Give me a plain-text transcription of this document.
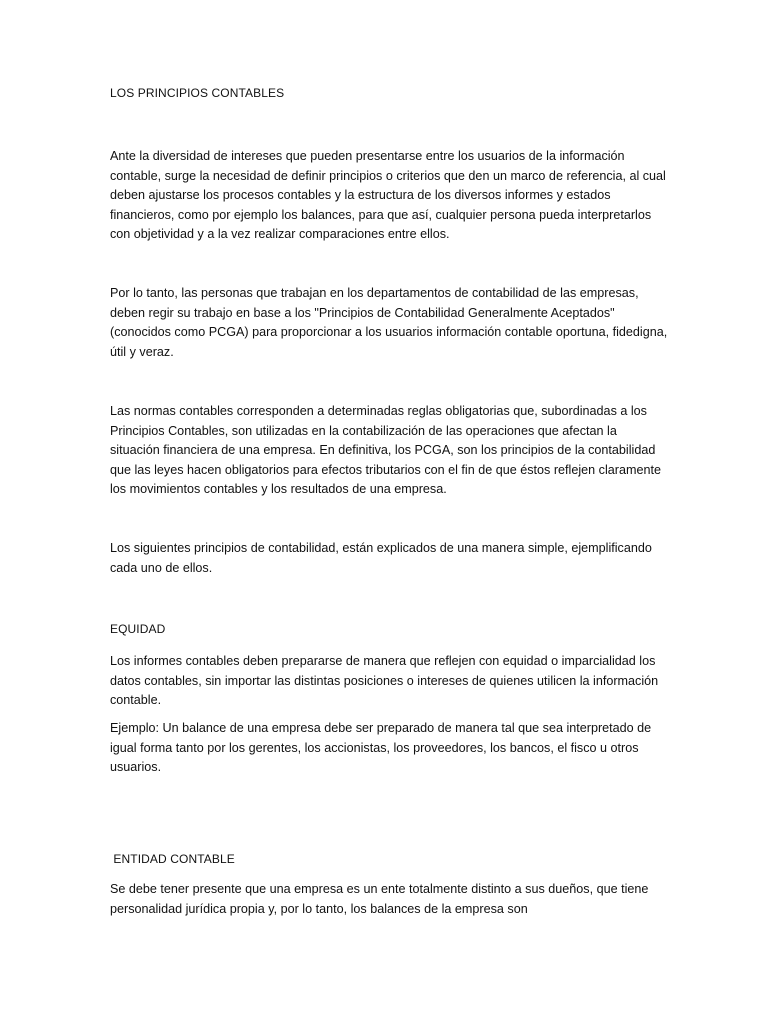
LOS PRINCIPIOS CONTABLES

Ante la diversidad de intereses que pueden presentarse entre los usuarios de la información contable, surge la necesidad de definir principios o criterios que den un marco de referencia, al cual deben ajustarse los procesos contables y la estructura de los diversos informes y estados financieros, como por ejemplo los balances, para que así, cualquier persona pueda interpretarlos con objetividad y a la vez realizar comparaciones entre ellos.

Por lo tanto, las personas que trabajan en los departamentos de contabilidad de las empresas, deben regir su trabajo en base a los "Principios de Contabilidad Generalmente Aceptados" (conocidos como PCGA) para proporcionar a los usuarios información contable oportuna, fidedigna, útil y veraz.

Las normas contables corresponden a determinadas reglas obligatorias que, subordinadas a los Principios Contables, son utilizadas en la contabilización de las operaciones que afectan la situación financiera de una empresa. En definitiva, los PCGA, son los principios de la contabilidad que las leyes hacen obligatorios para efectos tributarios con el fin de que éstos reflejen claramente los movimientos contables y los resultados de una empresa.

Los siguientes principios de contabilidad, están explicados de una manera simple, ejemplificando cada uno de ellos.

EQUIDAD

Los informes contables deben prepararse de manera que reflejen con equidad o imparcialidad los datos contables, sin importar las distintas posiciones o intereses de quienes utilicen la información contable.

Ejemplo: Un balance de una empresa debe ser preparado de manera tal que sea interpretado de igual forma tanto por los gerentes, los accionistas, los proveedores, los bancos, el fisco u otros usuarios.

ENTIDAD CONTABLE

Se debe tener presente que una empresa es un ente totalmente distinto a sus dueños, que tiene personalidad jurídica propia y, por lo tanto, los balances de la empresa son
